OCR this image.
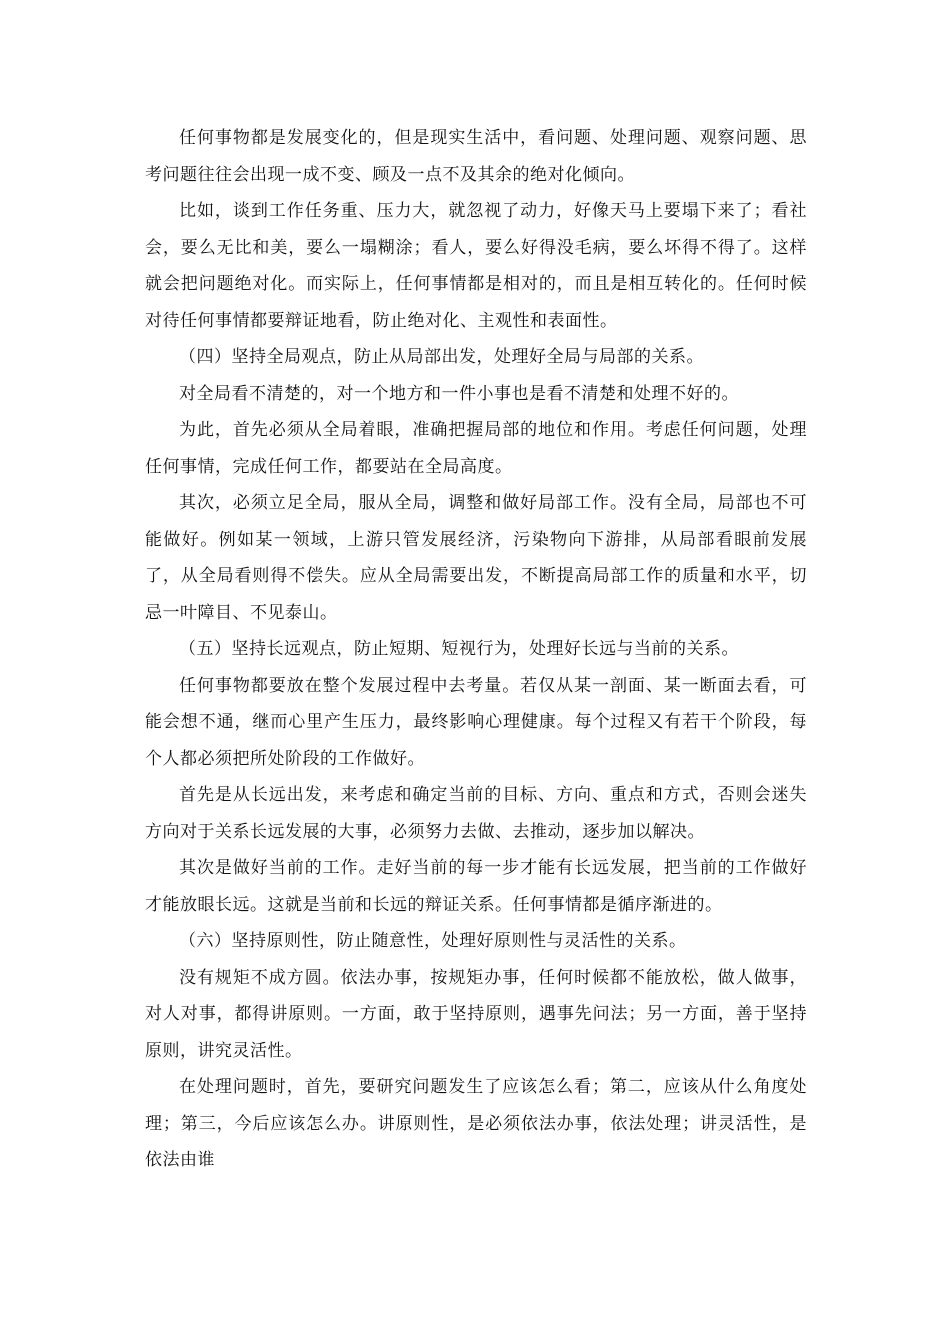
任何事物都是发展变化的，但是现实生活中，看问题、处理问题、观察问题、思考问题往往会出现一成不变、顾及一点不及其余的绝对化倾向。

比如，谈到工作任务重、压力大，就忽视了动力，好像天马上要塌下来了；看社会，要么无比和美，要么一塌糊涂；看人，要么好得没毛病，要么坏得不得了。这样就会把问题绝对化。而实际上，任何事情都是相对的，而且是相互转化的。任何时候对待任何事情都要辩证地看，防止绝对化、主观性和表面性。

（四）坚持全局观点，防止从局部出发，处理好全局与局部的关系。

对全局看不清楚的，对一个地方和一件小事也是看不清楚和处理不好的。

为此，首先必须从全局着眼，准确把握局部的地位和作用。考虑任何问题，处理任何事情，完成任何工作，都要站在全局高度。

其次，必须立足全局，服从全局，调整和做好局部工作。没有全局，局部也不可能做好。例如某一领域，上游只管发展经济，污染物向下游排，从局部看眼前发展了，从全局看则得不偿失。应从全局需要出发，不断提高局部工作的质量和水平，切忌一叶障目、不见泰山。

（五）坚持长远观点，防止短期、短视行为，处理好长远与当前的关系。

任何事物都要放在整个发展过程中去考量。若仅从某一剖面、某一断面去看，可能会想不通，继而心里产生压力，最终影响心理健康。每个过程又有若干个阶段，每个人都必须把所处阶段的工作做好。

首先是从长远出发，来考虑和确定当前的目标、方向、重点和方式，否则会迷失方向对于关系长远发展的大事，必须努力去做、去推动，逐步加以解决。

其次是做好当前的工作。走好当前的每一步才能有长远发展，把当前的工作做好才能放眼长远。这就是当前和长远的辩证关系。任何事情都是循序渐进的。

（六）坚持原则性，防止随意性，处理好原则性与灵活性的关系。

没有规矩不成方圆。依法办事，按规矩办事，任何时候都不能放松，做人做事，对人对事，都得讲原则。一方面，敢于坚持原则，遇事先问法；另一方面，善于坚持原则，讲究灵活性。

在处理问题时，首先，要研究问题发生了应该怎么看；第二，应该从什么角度处理；第三，今后应该怎么办。讲原则性，是必须依法办事，依法处理；讲灵活性，是依法由谁
